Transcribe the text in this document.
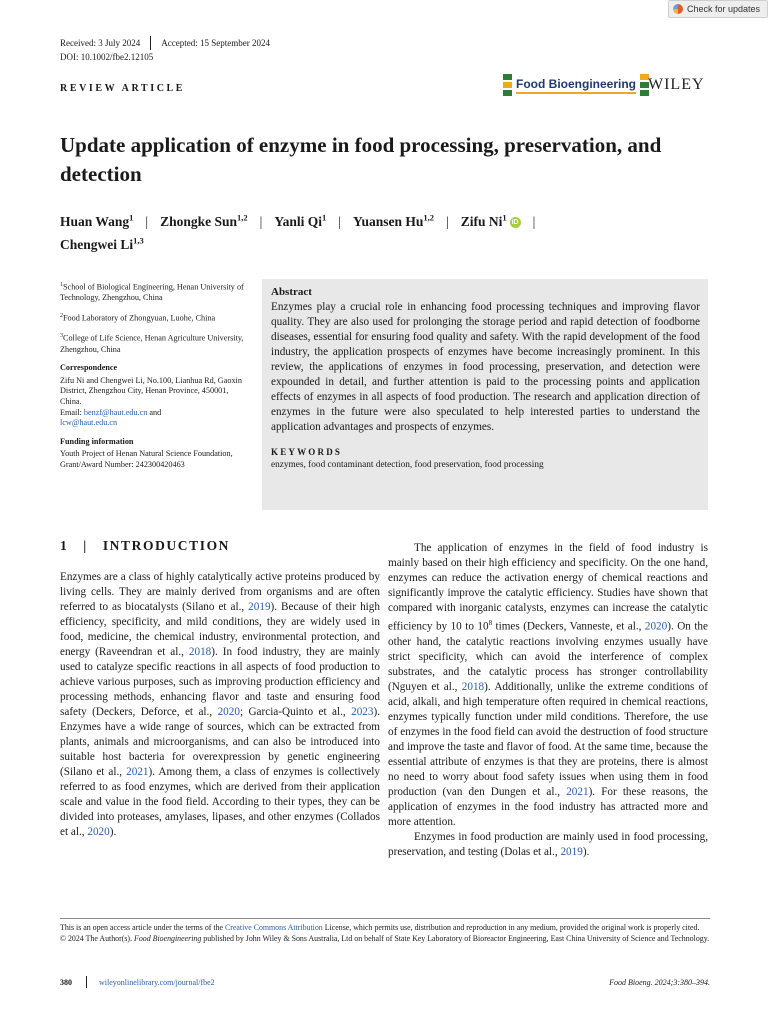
Check for updates
Received: 3 July 2024 Accepted: 15 September 2024
DOI: 10.1002/fbe2.12105
REVIEW ARTICLE	Food Bioengineering WILEY
Update application of enzyme in food processing, preservation, and detection
Huan Wang$^1$ | Zhongke Sun$^{1,2}$ | Yanli Qi$^1$ | Yuansen Hu$^{1,2}$ | Zifu Ni$^1$iD |
Chengwei Li$^{1,3}$
$^1$School of Biological Engineering, Henan University of Technology, Zhengzhou, China
$^2$Food Laboratory of Zhongyuan, Luohe, China
$^3$College of Life Science, Henan Agriculture University, Zhengzhou, China
Correspondence
Zifu Ni and Chengwei Li, No.100, Lianhua Rd, Gaoxin District, Zhengzhou City, Henan Province, 450001, China.
Email: benzf@haut.edu.cn and
lcw@haut.edu.cn
Funding information
Youth Project of Henan Natural Science Foundation, Grant/Award Number: 242300420463
Abstract
Enzymes play a crucial role in enhancing food processing techniques and improving flavor quality. They are also used for prolonging the storage period and rapid detection of foodborne diseases, essential for ensuring food quality and safety. With the rapid development of the food industry, the application prospects of enzymes have become increasingly prominent. In this review, the applications of enzymes in food processing, preservation, and detection were expounded in detail, and further attention is paid to the processing points and application effects of enzymes in all aspects of food production. The research and application direction of enzymes in the future were also speculated to help interested parties to understand the application advantages and prospects of enzymes.
KEYWORDS
enzymes, food contaminant detection, food preservation, food processing
1 | INTRODUCTION

Enzymes are a class of highly catalytically active proteins produced by living cells. They are mainly derived from organisms and are often referred to as biocatalysts (Silano et al., 2019). Because of their high efficiency, specificity, and mild conditions, they are widely used in food, medicine, the chemical industry, environmental protection, and energy (Raveendran et al., 2018). In food industry, they are mainly used to catalyze specific reactions in all aspects of food production to achieve various purposes, such as improving production efficiency and processing methods, enhancing flavor and taste and ensuring food safety (Deckers, Deforce, et al., 2020; Garcia-Quinto et al., 2023). Enzymes have a wide range of sources, which can be extracted from plants, animals and microorganisms, and can also be introduced into suitable host bacteria for overexpression by genetic engineering (Silano et al., 2021). Among them, a class of enzymes is collectively referred to as food enzymes, which are derived from their application scale and value in the food field. According to their types, they can be divided into proteases, amylases, lipases, and other enzymes (Collados et al., 2020).

The application of enzymes in the field of food industry is mainly based on their high efficiency and specificity. On the one hand, enzymes can reduce the activation energy of chemical reactions and significantly improve the catalytic efficiency. Studies have shown that compared with inorganic catalysts, enzymes can increase the catalytic efficiency by 10 to $10^8$ times (Deckers, Vanneste, et al., 2020). On the other hand, the catalytic reactions involving enzymes usually have strict specificity, which can avoid the interference of complex substrates, and the catalytic process has stronger controllability (Nguyen et al., 2018). Additionally, unlike the extreme conditions of acid, alkali, and high temperature often required in chemical reactions, enzymes typically function under mild conditions. Therefore, the use of enzymes in the food field can avoid the destruction of food structure and improve the taste and flavor of food. At the same time, because the essential attribute of enzymes is that they are proteins, there is almost no need to worry about food safety issues when using them in food production (van den Dungen et al., 2021). For these reasons, the application of enzymes in the food industry has attracted more and more attention.

Enzymes in food production are mainly used in food processing, preservation, and testing (Dolas et al., 2019).

This is an open access article under the terms of the Creative Commons Attribution License, which permits use, distribution and reproduction in any medium, provided the original work is properly cited.
© 2024 The Author(s). Food Bioengineering published by John Wiley & Sons Australia, Ltd on behalf of State Key Laboratory of Bioreactor Engineering, East China University of Science and Technology.
380	wileyonlinelibrary.com/journal/fbe2	Food Bioeng. 2024;3:380–394.
